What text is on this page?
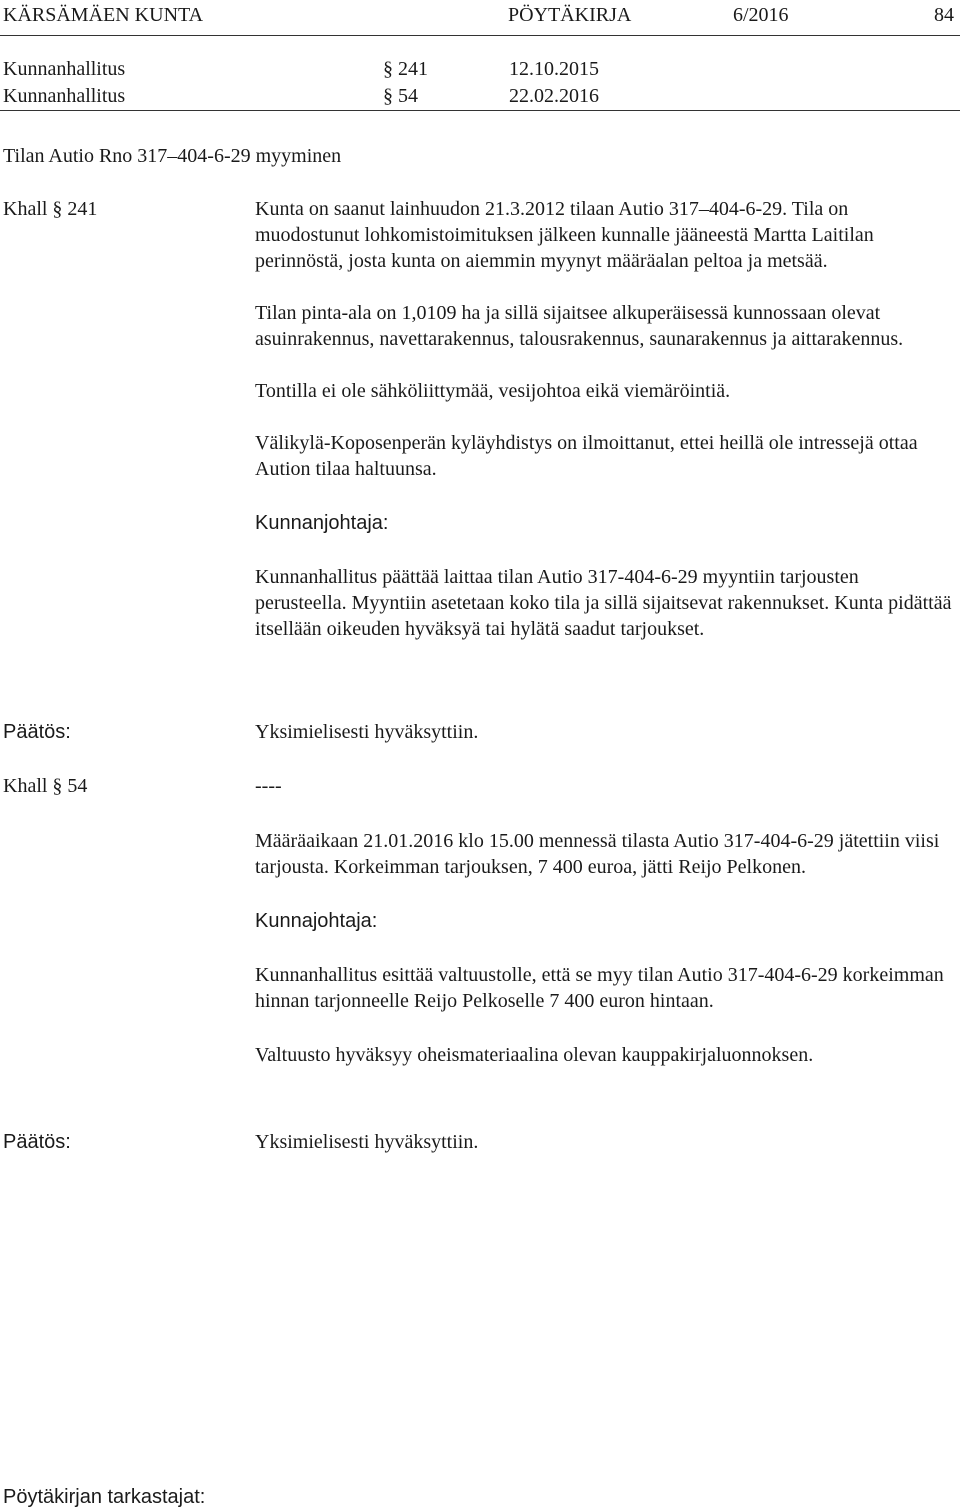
KÄRSÄMÄEN KUNTA	PÖYTÄKIRJA	6/2016	84
Kunnanhallitus	§ 241	12.10.2015
Kunnanhallitus	§ 54	22.02.2016
Tilan Autio Rno 317–404-6-29 myyminen
Khall § 241	Kunta on saanut lainhuudon 21.3.2012 tilaan Autio 317–404-6-29. Tila on muodostunut lohkomistoimituksen jälkeen kunnalle jääneestä Martta Laitilan perinnöstä, josta kunta on aiemmin myynyt määräalan peltoa ja metsää.

Tilan pinta-ala on 1,0109 ha ja sillä sijaitsee alkuperäisessä kunnossaan olevat asuinrakennus, navettarakennus, talousrakennus, saunarakennus ja aittarakennus.

Tontilla ei ole sähköliittymää, vesijohtoa eikä viemäröintiä.

Välikylä-Koposenperän kyläyhdistys on ilmoittanut, ettei heillä ole intressejä ottaa Aution tilaa haltuunsa.

Kunnanjohtaja:

Kunnanhallitus päättää laittaa tilan Autio 317-404-6-29 myyntiin tarjousten perusteella. Myyntiin asetetaan koko tila ja sillä sijaitsevat rakennukset. Kunta pidättää itsellään oikeuden hyväksyä tai hylätä saadut tarjoukset.

Päätös:	Yksimielisesti hyväksyttiin.
Khall § 54	----

Määräaikaan 21.01.2016 klo 15.00 mennessä tilasta Autio 317-404-6-29 jätettiin viisi tarjousta. Korkeimman tarjouksen, 7 400 euroa, jätti Reijo Pelkonen.

Kunnajohtaja:

Kunnanhallitus esittää valtuustolle, että se myy tilan Autio 317-404-6-29 korkeimman hinnan tarjonneelle Reijo Pelkoselle 7 400 euron hintaan.

Valtuusto hyväksyy oheismateriaalina olevan kauppakirjaluonnoksen.

Päätös:	Yksimielisesti hyväksyttiin.
Pöytäkirjan tarkastajat:
